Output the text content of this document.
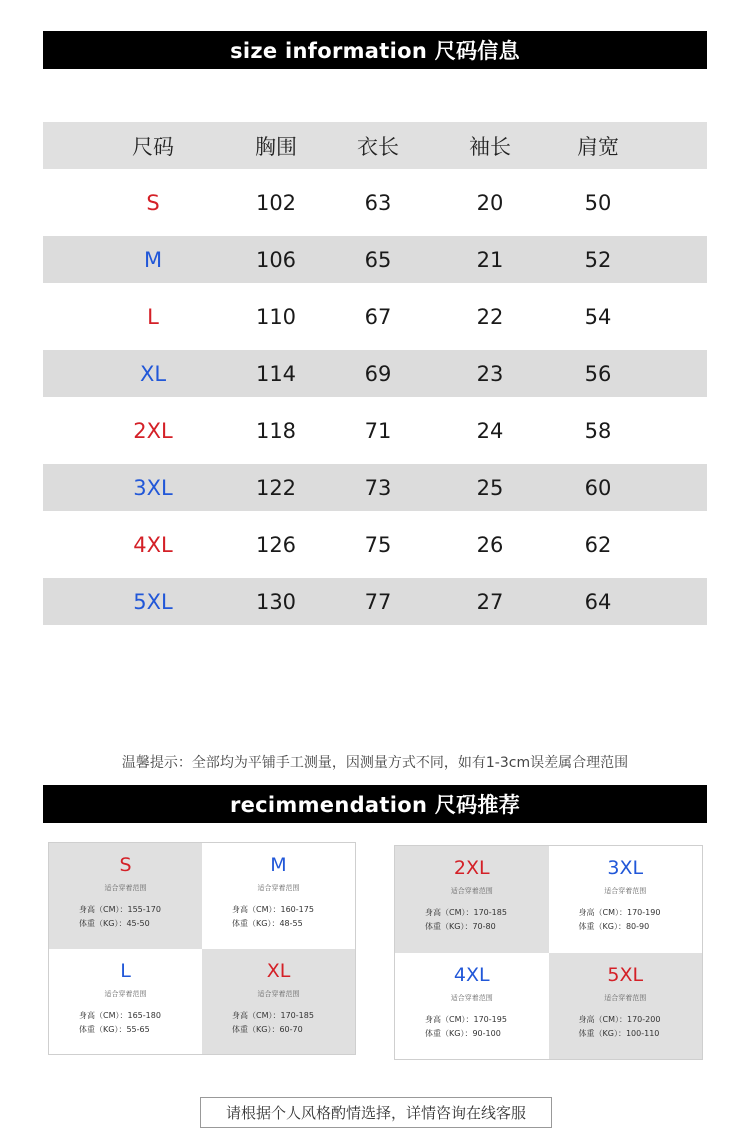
size information 尺码信息
尺码	胸围	衣长	袖长	肩宽
S	102	63	20	50
M	106	65	21	52
L	110	67	22	54
XL	114	69	23	56
2XL	118	71	24	58
3XL	122	73	25	60
4XL	126	75	26	62
5XL	130	77	27	64
温馨提示：全部均为平铺手工测量，因测量方式不同，如有1-3cm误差属合理范围
recimmendation 尺码推荐
S
适合穿着范围
身高（CM）：155-170
体重（KG）：45-50
M
适合穿着范围
身高（CM）：160-175
体重（KG）：48-55
L
适合穿着范围
身高（CM）：165-180
体重（KG）：55-65
XL
适合穿着范围
身高（CM）：170-185
体重（KG）：60-70
2XL
适合穿着范围
身高（CM）：170-185
体重（KG）：70-80
3XL
适合穿着范围
身高（CM）：170-190
体重（KG）：80-90
4XL
适合穿着范围
身高（CM）：170-195
体重（KG）：90-100
5XL
适合穿着范围
身高（CM）：170-200
体重（KG）：100-110
请根据个人风格酌情选择，详情咨询在线客服
